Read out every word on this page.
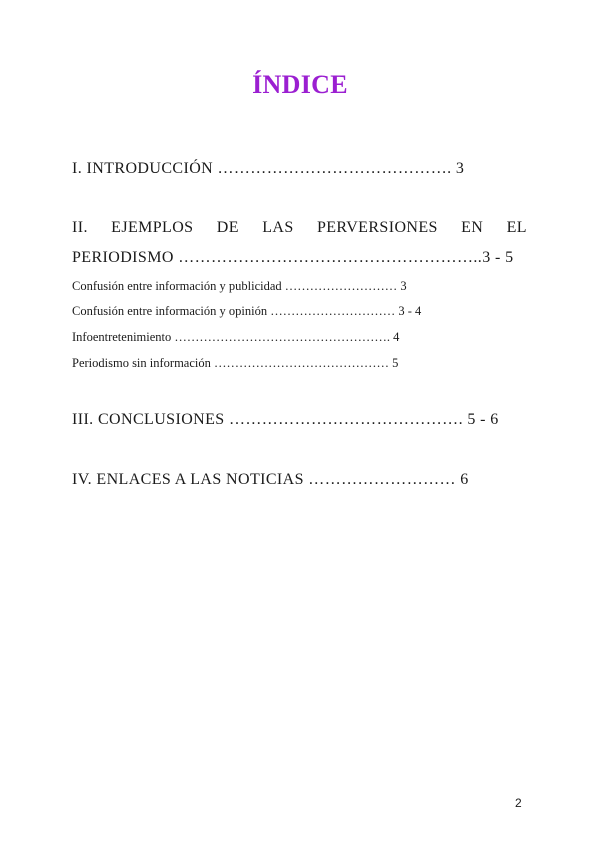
ÍNDICE
I. INTRODUCCIÓN ……………………………………. 3
II. EJEMPLOS DE LAS PERVERSIONES EN EL
PERIODISMO ………………………………………………..3 - 5
Confusión entre información y publicidad ……………………… 3
Confusión entre información y opinión ………………………… 3 - 4
Infoentretenimiento ……………………………………………. 4
Periodismo sin información …………………………………… 5
III. CONCLUSIONES ……………………………………. 5 - 6
IV. ENLACES A LAS NOTICIAS ……………………… 6
2
